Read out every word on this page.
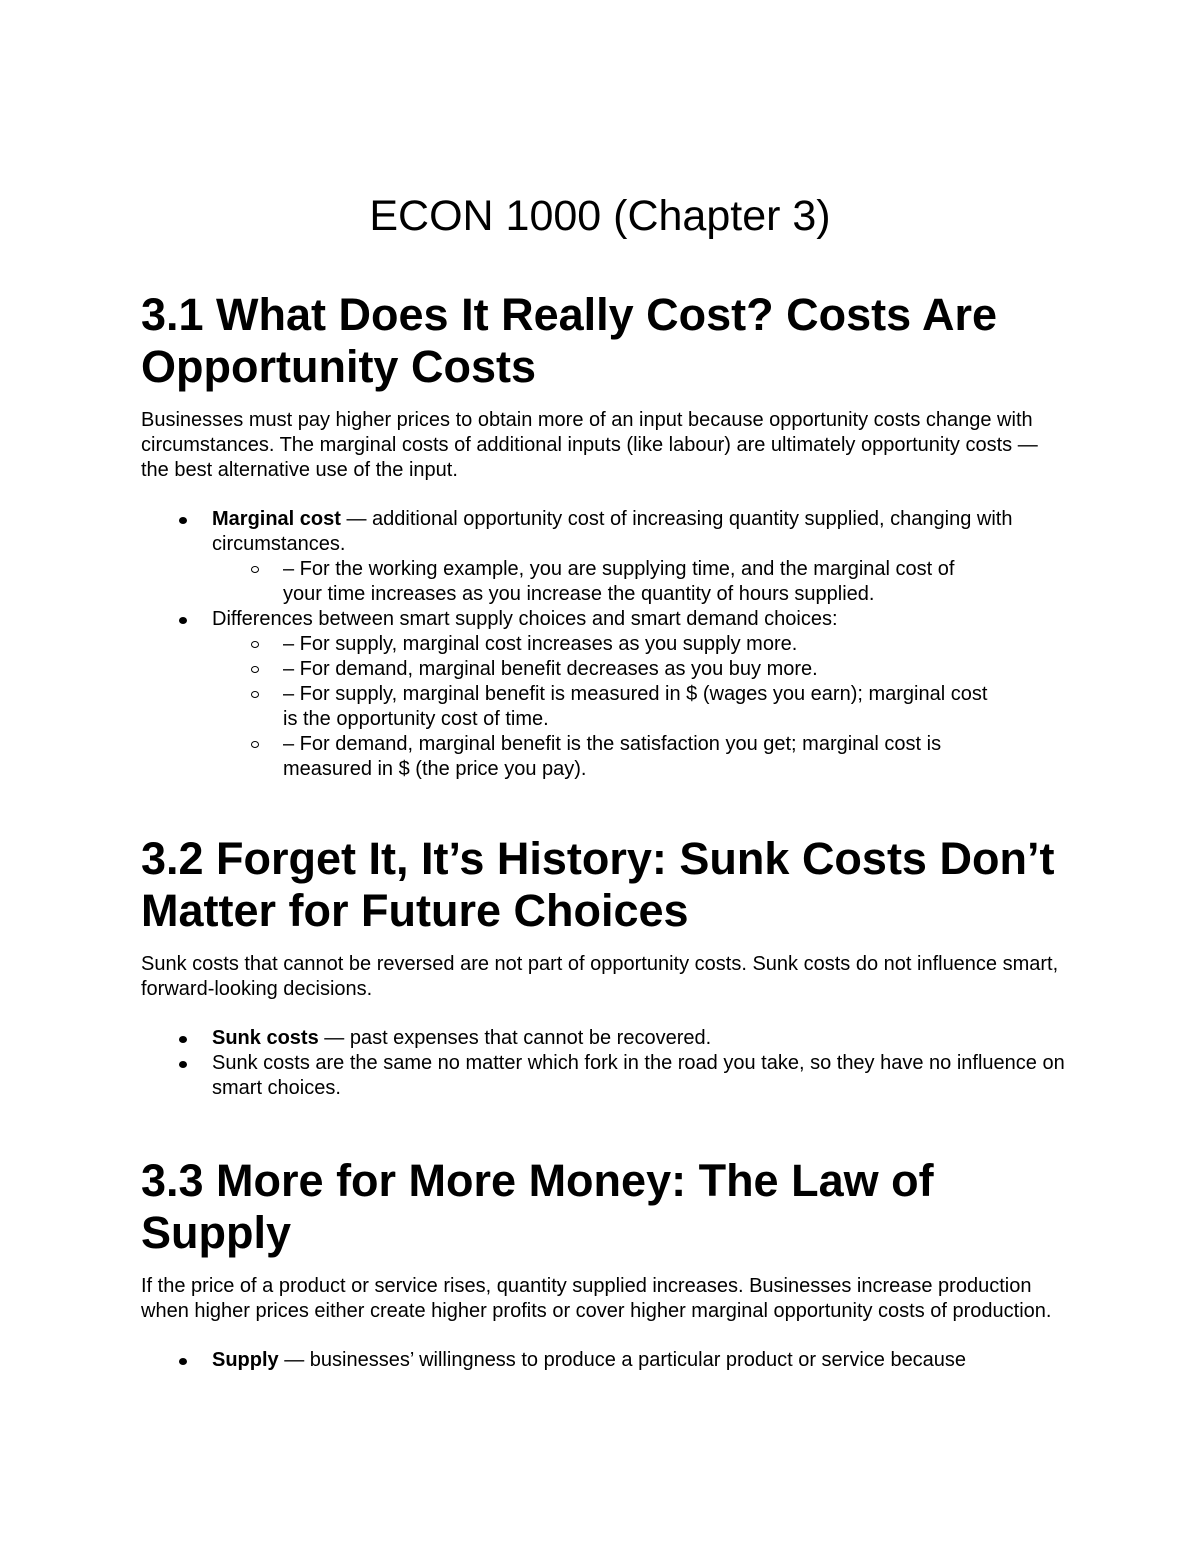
ECON 1000 (Chapter 3)
3.1 What Does It Really Cost? Costs Are Opportunity Costs

Businesses must pay higher prices to obtain more of an input because opportunity costs change with circumstances. The marginal costs of additional inputs (like labour) are ultimately opportunity costs — the best alternative use of the input.

Marginal cost — additional opportunity cost of increasing quantity supplied, changing with circumstances.
– For the working example, you are supplying time, and the marginal cost of your time increases as you increase the quantity of hours supplied.
Differences between smart supply choices and smart demand choices:
– For supply, marginal cost increases as you supply more.
– For demand, marginal benefit decreases as you buy more.
– For supply, marginal benefit is measured in $ (wages you earn); marginal cost is the opportunity cost of time.
– For demand, marginal benefit is the satisfaction you get; marginal cost is measured in $ (the price you pay).
3.2 Forget It, It’s History: Sunk Costs Don’t Matter for Future Choices

Sunk costs that cannot be reversed are not part of opportunity costs. Sunk costs do not influence smart, forward-looking decisions.

Sunk costs — past expenses that cannot be recovered.
Sunk costs are the same no matter which fork in the road you take, so they have no influence on smart choices.
3.3 More for More Money: The Law of Supply

If the price of a product or service rises, quantity supplied increases. Businesses increase production when higher prices either create higher profits or cover higher marginal opportunity costs of production.

Supply — businesses’ willingness to produce a particular product or service because
